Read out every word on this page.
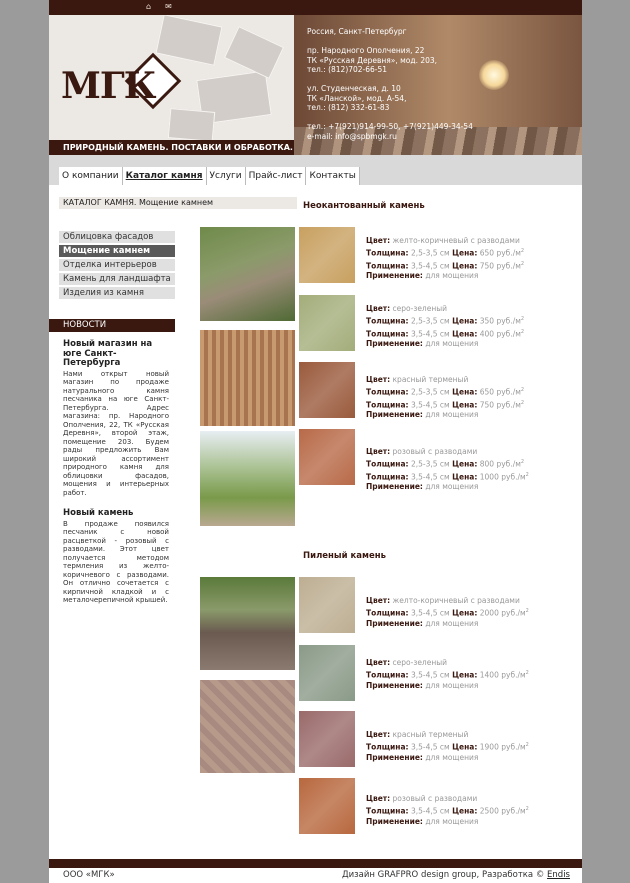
⌂ ✉
МГК
ПРИРОДНЫЙ КАМЕНЬ. ПОСТАВКИ И ОБРАБОТКА.
Россия, Санкт-Петербург
пр. Народного Ополчения, 22
ТК «Русская Деревня», мод. 203,
тел.: (812)702-66-51
ул. Студенческая, д. 10
ТК «Ланской», мод. А-54,
тел.: (812) 332-61-83
тел.: +7(921)914-99-50, +7(921)449-34-54
e-mail: info@spbmgk.ru
О компании Каталог камня Услуги Прайс-лист Контакты
КАТАЛОГ КАМНЯ. Мощение камнем
Облицовка фасадов
Мощение камнем
Отделка интерьеров
Камень для ландшафта
Изделия из камня
НОВОСТИ
Новый магазин на юге Санкт-Петербурга
Нами открыт новый магазин по продаже натурального камня песчаника на юге Санкт-Петербурга. Адрес магазина: пр. Народного Ополчения, 22, ТК «Русская Деревня», второй этаж, помещение 203. Будем рады предложить Вам широкий ассортимент природного камня для облицовки фасадов, мощения и интерьерных работ.
Новый камень
В продаже появился песчаник с новой расцветкой - розовый с разводами. Этот цвет получается методом термления из желто-коричневого с разводами. Он отлично сочетается с кирпичной кладкой и с металочерепичной крышей.
Неокантованный камень
Пиленый камень
Цвет: желто-коричневый с разводами
Толщина: 2,5-3,5 см Цена: 650 $руб./м^2$
Толщина: 3,5-4,5 см Цена: 750 $руб./м^2$
Применение: для мощения
Цвет: серо-зеленый
Толщина: 2,5-3,5 см Цена: 350 $руб./м^2$
Толщина: 3,5-4,5 см Цена: 400 $руб./м^2$
Применение: для мощения
Цвет: красный терменый
Толщина: 2,5-3,5 см Цена: 650 $руб./м^2$
Толщина: 3,5-4,5 см Цена: 750 $руб./м^2$
Применение: для мощения
Цвет: розовый с разводами
Толщина: 2,5-3,5 см Цена: 800 $руб./м^2$
Толщина: 3,5-4,5 см Цена: 1000 $руб./м^2$
Применение: для мощения
Цвет: желто-коричневый с разводами
Толщина: 3,5-4,5 см Цена: 2000 $руб./м^2$
Применение: для мощения
Цвет: серо-зеленый
Толщина: 3,5-4,5 см Цена: 1400 $руб./м^2$
Применение: для мощения
Цвет: красный терменый
Толщина: 3,5-4,5 см Цена: 1900 $руб./м^2$
Применение: для мощения
Цвет: розовый с разводами
Толщина: 3,5-4,5 см Цена: 2500 $руб./м^2$
Применение: для мощения
ООО «МГК»	Дизайн GRAFPRO design group, Разработка © Endis
